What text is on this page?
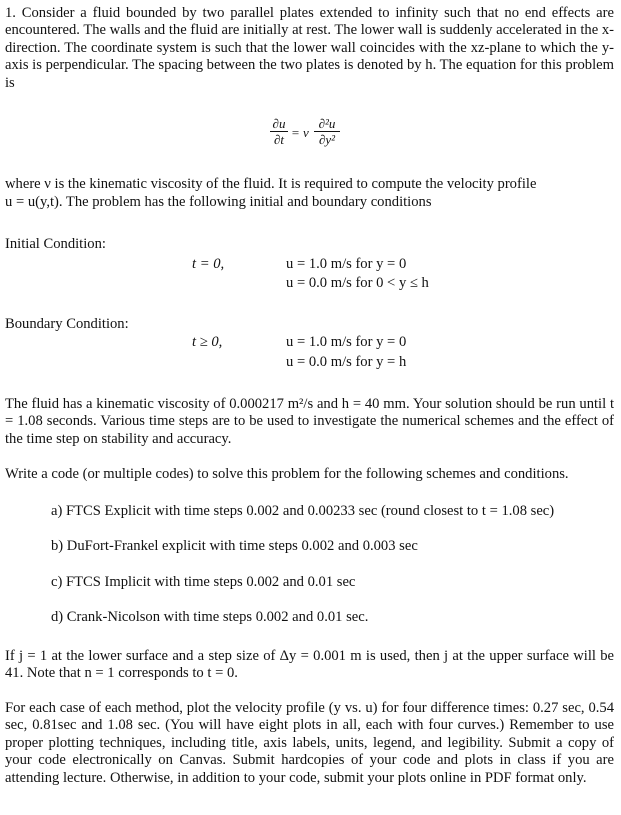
1. Consider a fluid bounded by two parallel plates extended to infinity such that no end effects are encountered. The walls and the fluid are initially at rest. The lower wall is suddenly accelerated in the x-direction. The coordinate system is such that the lower wall coincides with the xz-plane to which the y-axis is perpendicular. The spacing between the two plates is denoted by h. The equation for this problem is
$\frac{\partial u}{\partial t} = \nu \frac{\text{∂²u}}{\text{∂y²}}$
where ν is the kinematic viscosity of the fluid. It is required to compute the velocity profile
u = u(y,t). The problem has the following initial and boundary conditions
Initial Condition:
t = 0,	u = 1.0 m/s for y = 0
u = 0.0 m/s for 0 < y ≤ h
Boundary Condition:
t ≥ 0,	u = 1.0 m/s for y = 0
u = 0.0 m/s for y = h
The fluid has a kinematic viscosity of 0.000217 m²/s and h = 40 mm. Your solution should be run until t = 1.08 seconds. Various time steps are to be used to investigate the numerical schemes and the effect of the time step on stability and accuracy.
Write a code (or multiple codes) to solve this problem for the following schemes and conditions.
a) FTCS Explicit with time steps 0.002 and 0.00233 sec (round closest to t = 1.08 sec)
b) DuFort-Frankel explicit with time steps 0.002 and 0.003 sec
c) FTCS Implicit with time steps 0.002 and 0.01 sec
d) Crank-Nicolson with time steps 0.002 and 0.01 sec.
If j = 1 at the lower surface and a step size of Δy = 0.001 m is used, then j at the upper surface will be 41. Note that n = 1 corresponds to t = 0.
For each case of each method, plot the velocity profile (y vs. u) for four difference times: 0.27 sec, 0.54 sec, 0.81sec and 1.08 sec. (You will have eight plots in all, each with four curves.) Remember to use proper plotting techniques, including title, axis labels, units, legend, and legibility. Submit a copy of your code electronically on Canvas. Submit hardcopies of your code and plots in class if you are attending lecture. Otherwise, in addition to your code, submit your plots online in PDF format only.
